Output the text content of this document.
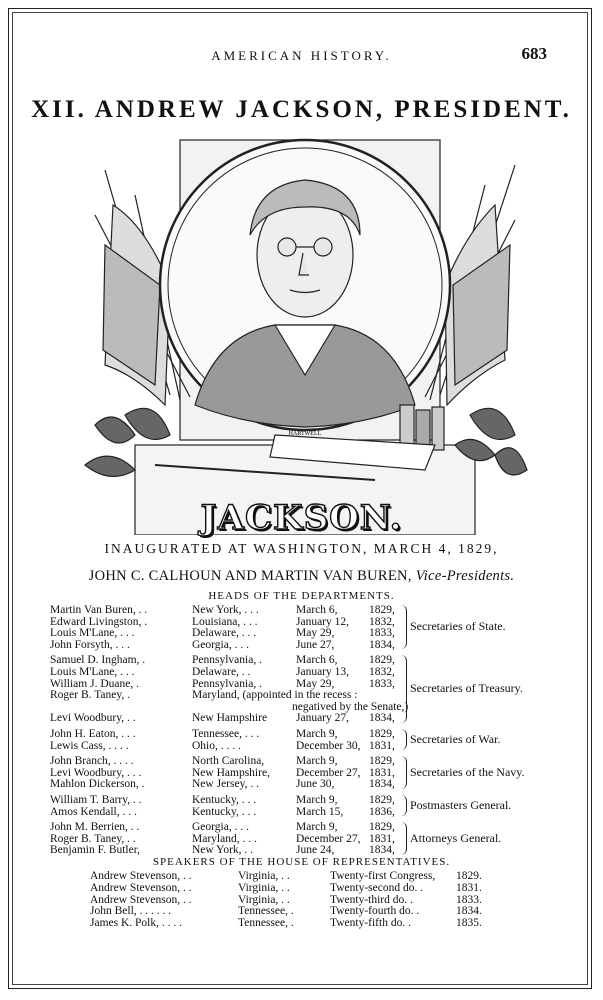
AMERICAN HISTORY.	683
XII. ANDREW JACKSON, PRESIDENT.
HARTWELL
JACKSON.
INAUGURATED AT WASHINGTON, MARCH 4, 1829,
JOHN C. CALHOUN AND MARTIN VAN BUREN, Vice-Presidents.
HEADS OF THE DEPARTMENTS.
Martin Van Buren, . .	New York, . . .	March 6,	1829,
Edward Livingston, .	Louisiana, . . .	January 12, 1832,
Louis M'Lane, . . .	Delaware, . . .	May 29,	1833,
John Forsyth, . . .	Georgia, . . .	June 27,	1834,
Secretaries of State.
Samuel D. Ingham, .	Pennsylvania, .	March 6,	1829,
Louis M'Lane, . . .	Delaware, . .	January 13, 1832,
William J. Duane, .	Pennsylvania, .	May 29,	1833,
Roger B. Taney, .	Maryland, (appointed in the recess :
negatived by the Senate,)
Levi Woodbury, . .	New Hampshire	January 27, 1834,
Secretaries of Treasury.
John H. Eaton, . . .	Tennessee, . . .	March 9,	1829,
Lewis Cass, . . . .	Ohio, . . . .	December 30, 1831, Secretaries of War.
John Branch, . . . .	North Carolina,	March 9,	1829,
Levi Woodbury, . . .	New Hampshire, December 27, 1831,
Mahlon Dickerson, .	New Jersey, . .	June 30,	1834,
Secretaries of the Navy.
William T. Barry, . .	Kentucky, . . .	March 9,	1829,
Amos Kendall, . . .	Kentucky, . . .	March 15, 1836, Postmasters General.
John M. Berrien, . .	Georgia, . . .	March 9,	1829,
Roger B. Taney, . .	Maryland, . . .	December 27, 1831,
Benjamin F. Butler,	New York, . .	June 24,	1834,
Attorneys General.
SPEAKERS OF THE HOUSE OF REPRESENTATIVES.
Andrew Stevenson, . .	Virginia, . .	Twenty-first Congress, 1829.
Andrew Stevenson, . .	Virginia, . .	Twenty-second do. .	1831.
Andrew Stevenson, . .	Virginia, . .	Twenty-third do. .	1833.
John Bell, . . . . . .	Tennessee, .	Twenty-fourth do. .	1834.
James K. Polk, . . . .	Tennessee, .	Twenty-fifth do. .	1835.
